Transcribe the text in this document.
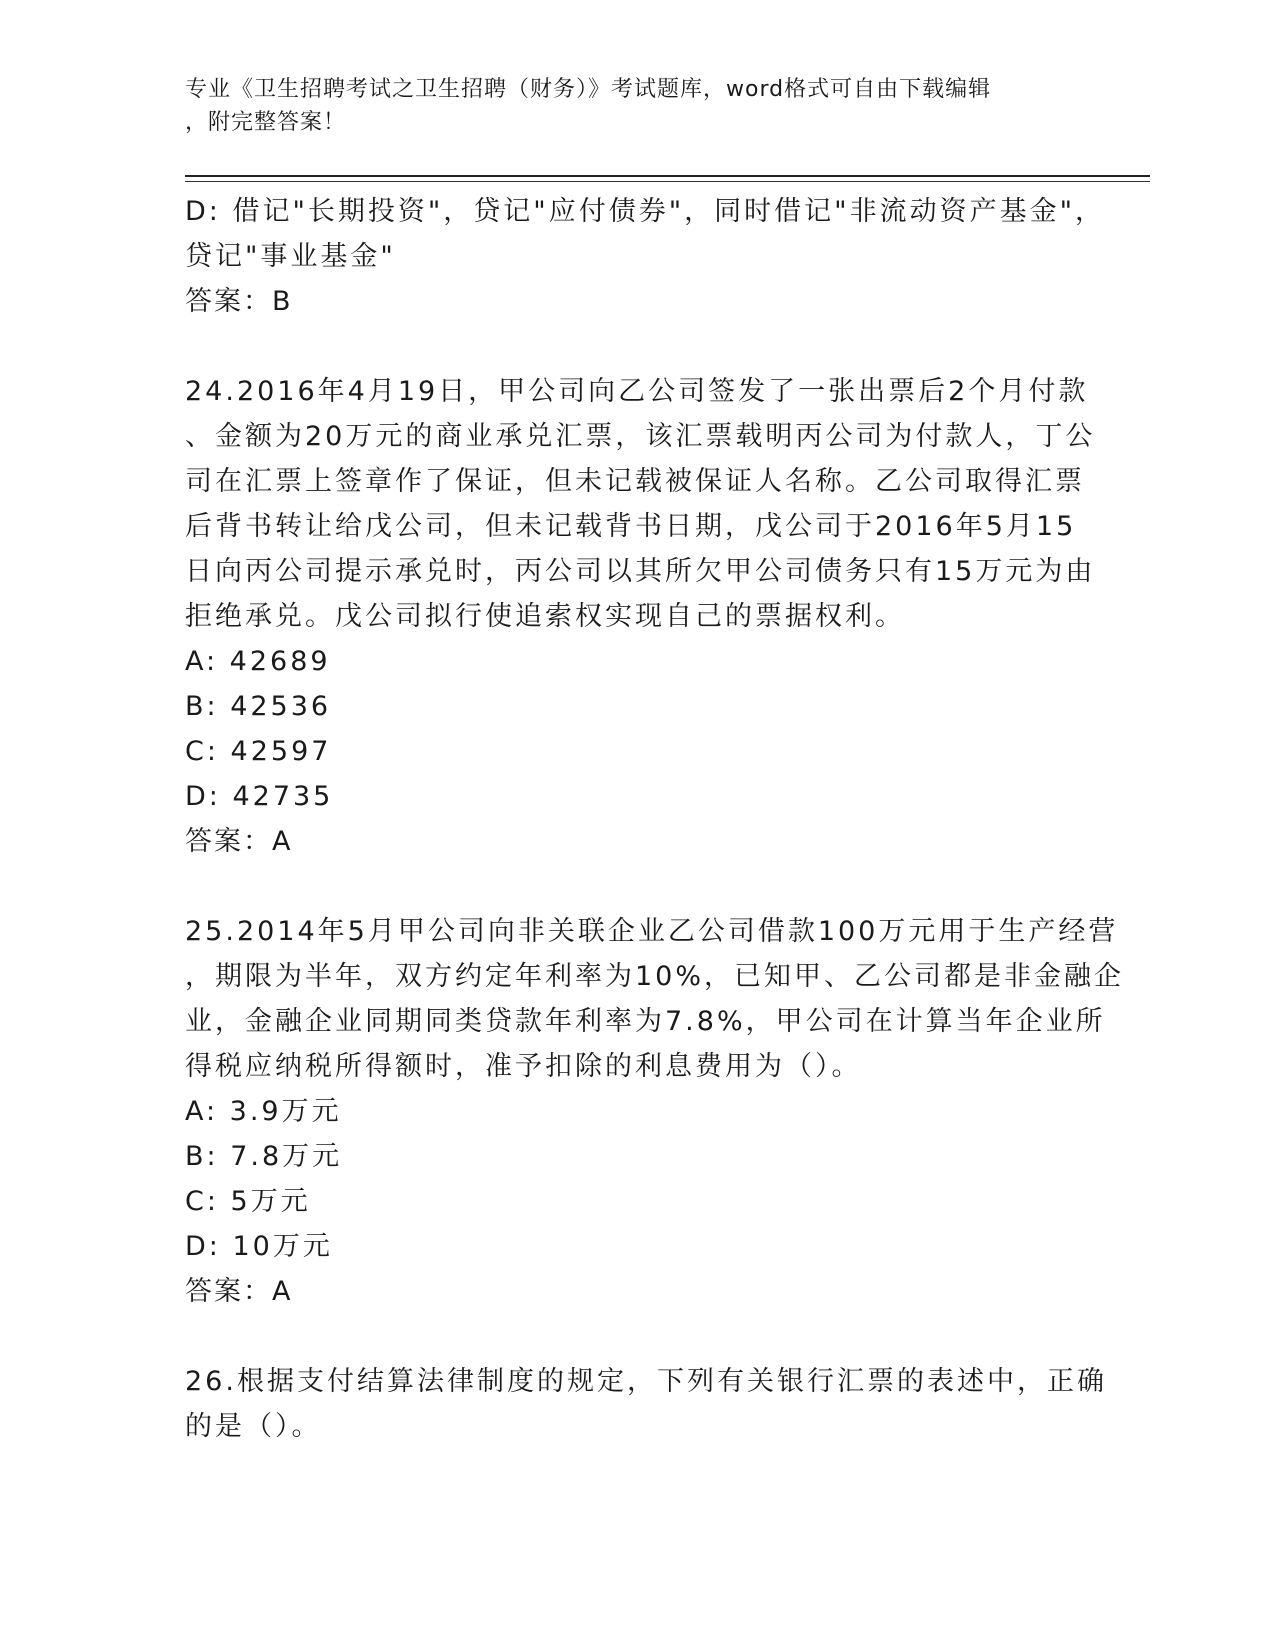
专业《卫生招聘考试之卫生招聘（财务）》考试题库，word格式可自由下载编辑
，附完整答案！
D: 借记"长期投资"，贷记"应付债券"，同时借记"非流动资产基金"，
贷记"事业基金"
答案：B
24.2016年4月19日，甲公司向乙公司签发了一张出票后2个月付款
、金额为20万元的商业承兑汇票，该汇票载明丙公司为付款人，丁公
司在汇票上签章作了保证，但未记载被保证人名称。乙公司取得汇票
后背书转让给戊公司，但未记载背书日期，戊公司于2016年5月15
日向丙公司提示承兑时，丙公司以其所欠甲公司债务只有15万元为由
拒绝承兑。戊公司拟行使追索权实现自己的票据权利。
A: 42689
B: 42536
C: 42597
D: 42735
答案：A
25.2014年5月甲公司向非关联企业乙公司借款100万元用于生产经营
，期限为半年，双方约定年利率为10%，已知甲、乙公司都是非金融企
业，金融企业同期同类贷款年利率为7.8%，甲公司在计算当年企业所
得税应纳税所得额时，准予扣除的利息费用为（）。
A: 3.9万元
B: 7.8万元
C: 5万元
D: 10万元
答案：A
26.根据支付结算法律制度的规定，下列有关银行汇票的表述中，正确
的是（）。
